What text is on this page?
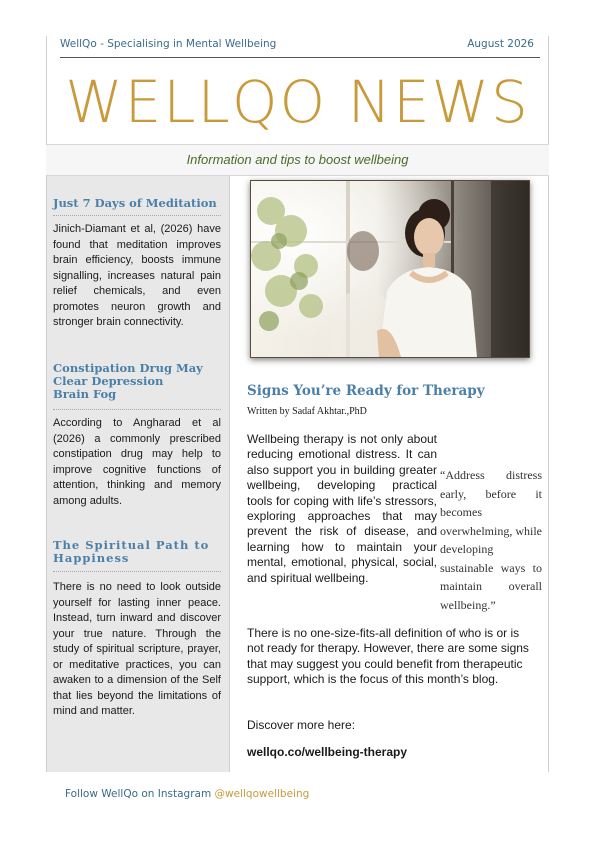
WellQo - Specialising in Mental Wellbeing	August 2026
WELLQO NEWS
Information and tips to boost wellbeing
Just 7 Days of Meditation
Jinich-Diamant et al, (2026) have found that meditation improves brain efficiency, boosts immune signalling, increases natural pain relief chemicals, and even promotes neuron growth and stronger brain connectivity.
Constipation Drug May Clear Depression Brain Fog
According to Angharad et al (2026) a commonly prescribed constipation drug may help to improve cognitive functions of attention, thinking and memory among adults.
The Spiritual Path to Happiness
There is no need to look outside yourself for lasting inner peace. Instead, turn inward and discover your true nature. Through the study of spiritual scripture, prayer, or meditative practices, you can awaken to a dimension of the Self that lies beyond the limitations of mind and matter.
Signs You’re Ready for Therapy
Written by Sadaf Akhtar.,PhD
Wellbeing therapy is not only about reducing emotional distress. It can also support you in building greater wellbeing, developing practical tools for coping with life’s stressors, exploring approaches that may prevent the risk of disease, and learning how to maintain your mental, emotional, physical, social, and spiritual wellbeing.
“Address distress early, before it becomes overwhelming, while developing sustainable ways to maintain overall wellbeing.”
There is no one-size-fits-all definition of who is or is not ready for therapy. However, there are some signs that may suggest you could benefit from therapeutic support, which is the focus of this month’s blog.
Discover more here:
wellqo.co/wellbeing-therapy
Follow WellQo on Instagram @wellqowellbeing
